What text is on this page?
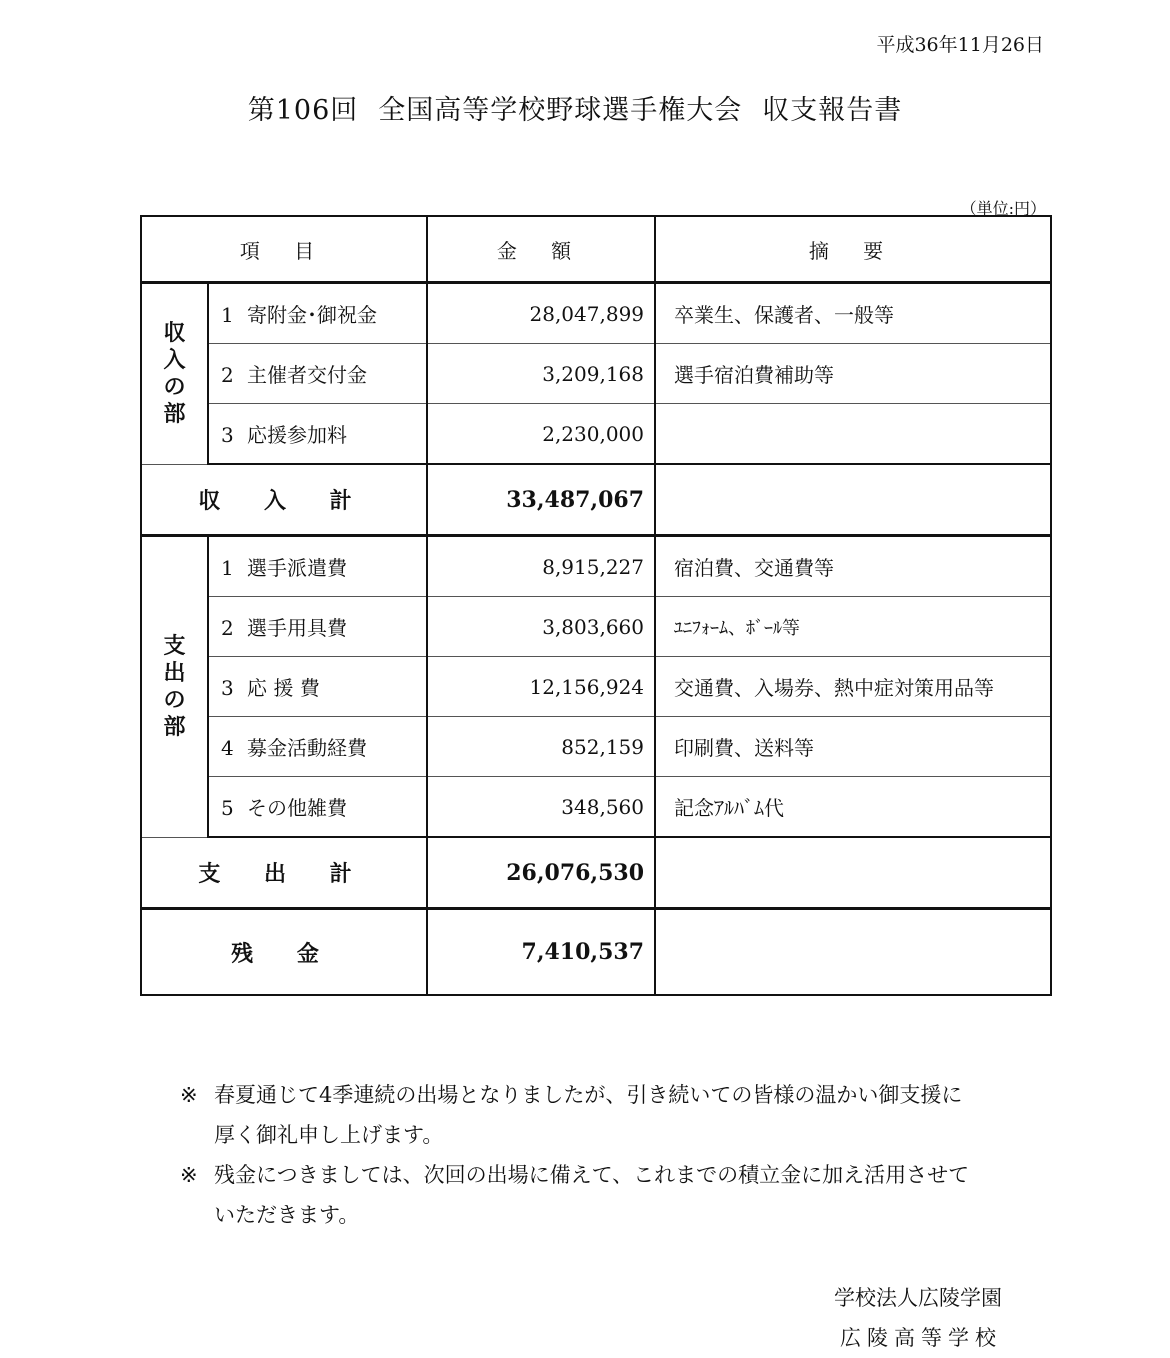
平成36年11月26日
第106回 全国高等学校野球選手権大会 収支報告書
（単位:円）
項 目		金 額	摘 要
収入の部	1 寄附金･御祝金	28,047,899	卒業生、保護者、一般等
	2 主催者交付金	3,209,168	選手宿泊費補助等
	3 応援参加料	2,230,000	
収 入 計		33,487,067	
支出の部	1 選手派遣費	8,915,227	宿泊費、交通費等
	2 選手用具費	3,803,660	ﾕﾆﾌｫｰﾑ、ﾎﾞｰﾙ等
	3 応 援 費	12,156,924	交通費、入場券、熱中症対策用品等
	4 募金活動経費	852,159	印刷費、送料等
	5 その他雑費	348,560	記念ｱﾙﾊﾞﾑ代
支 出 計		26,076,530	
残 金		7,410,537	
※ 春夏通じて4季連続の出場となりましたが、引き続いての皆様の温かい御支援に厚く御礼申し上げます。
※ 残金につきましては、次回の出場に備えて、これまでの積立金に加え活用させていただきます。
学校法人広陵学園
広陵高等学校
